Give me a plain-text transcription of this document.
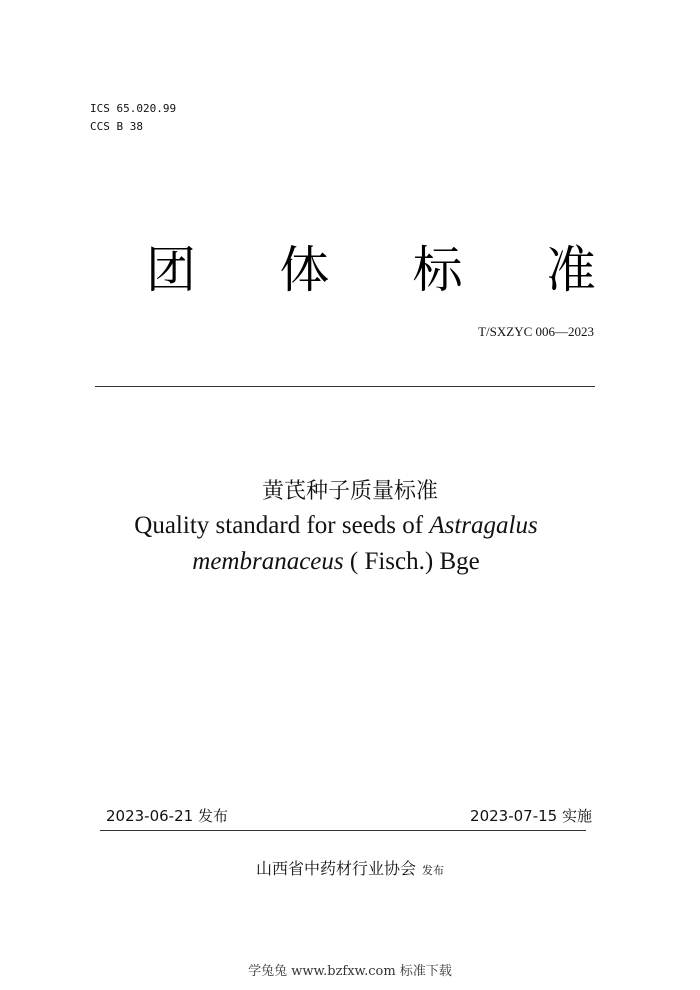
ICS 65.020.99
CCS B 38
团 体 标 准
T/SXZYC 006—2023
黄芪种子质量标准
Quality standard for seeds of Astragalus
membranaceus ( Fisch.) Bge
2023-06-21 发布	2023-07-15 实施
山西省中药材行业协会 发布
学兔兔 www.bzfxw.com 标准下载
